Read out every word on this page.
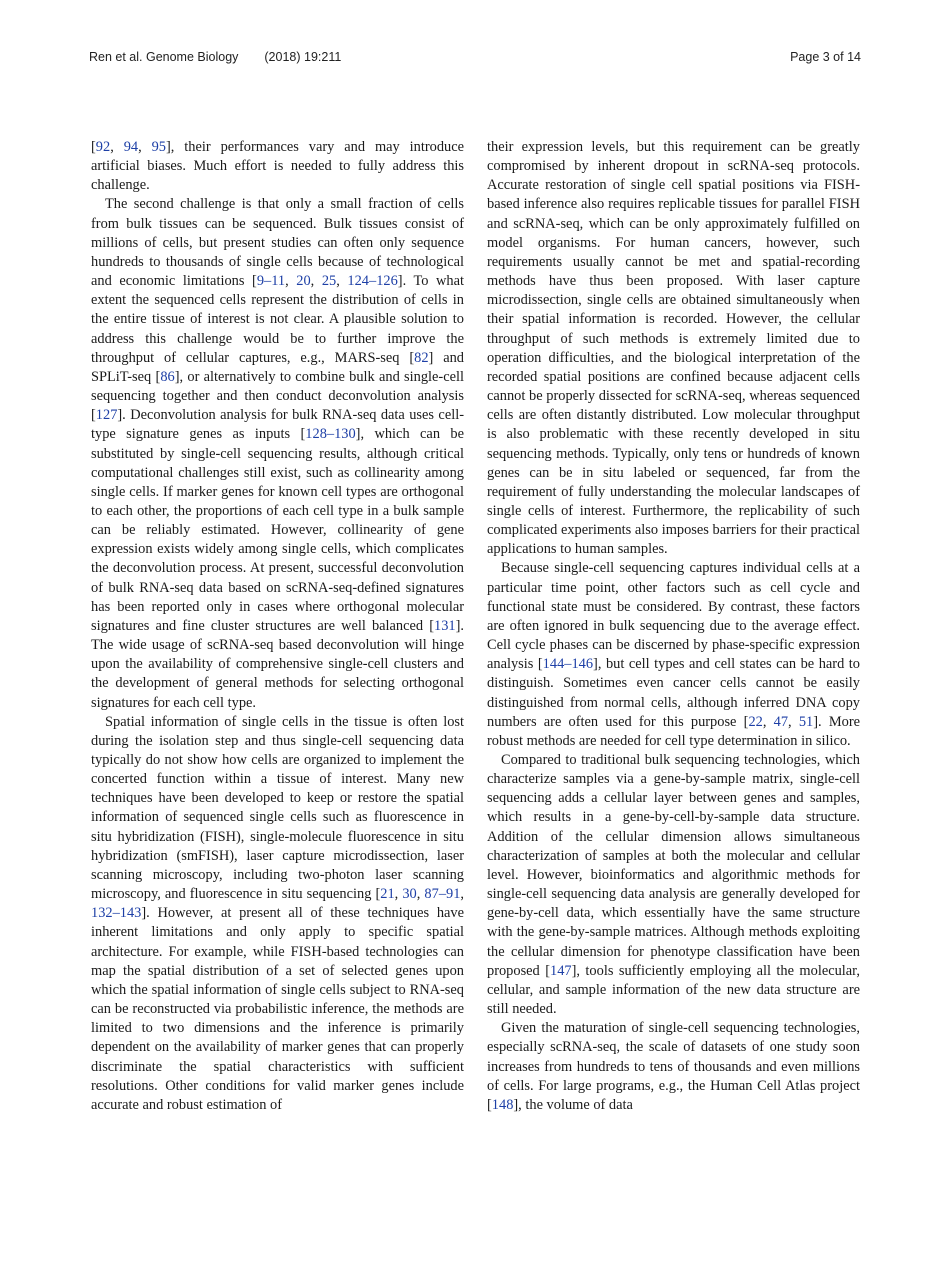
Ren et al. Genome Biology (2018) 19:211	Page 3 of 14

[92, 94, 95], their performances vary and may introduce artificial biases. Much effort is needed to fully address this challenge.

The second challenge is that only a small fraction of cells from bulk tissues can be sequenced. Bulk tissues consist of millions of cells, but present studies can often only sequence hundreds to thousands of single cells because of technological and economic limitations [9–11, 20, 25, 124–126]. To what extent the sequenced cells represent the distribution of cells in the entire tissue of interest is not clear. A plausible solution to address this challenge would be to further improve the throughput of cellular captures, e.g., MARS-seq [82] and SPLiT-seq [86], or alternatively to combine bulk and single-cell sequencing together and then conduct deconvolution analysis [127]. Deconvolution analysis for bulk RNA-seq data uses cell-type signature genes as inputs [128–130], which can be substituted by single-cell sequencing results, although critical computational challenges still exist, such as collinearity among single cells. If marker genes for known cell types are orthogonal to each other, the proportions of each cell type in a bulk sample can be reliably estimated. However, collinearity of gene expression exists widely among single cells, which complicates the deconvolution process. At present, successful deconvolution of bulk RNA-seq data based on scRNA-seq-defined signatures has been reported only in cases where orthogonal molecular signatures and fine cluster structures are well balanced [131]. The wide usage of scRNA-seq based deconvolution will hinge upon the availability of comprehensive single-cell clusters and the development of general methods for selecting orthogonal signatures for each cell type.

Spatial information of single cells in the tissue is often lost during the isolation step and thus single-cell sequencing data typically do not show how cells are organized to implement the concerted function within a tissue of interest. Many new techniques have been developed to keep or restore the spatial information of sequenced single cells such as fluorescence in situ hybridization (FISH), single-molecule fluorescence in situ hybridization (smFISH), laser capture microdissection, laser scanning microscopy, including two-photon laser scanning microscopy, and fluorescence in situ sequencing [21, 30, 87–91, 132–143]. However, at present all of these techniques have inherent limitations and only apply to specific spatial architecture. For example, while FISH-based technologies can map the spatial distribution of a set of selected genes upon which the spatial information of single cells subject to RNA-seq can be reconstructed via probabilistic inference, the methods are limited to two dimensions and the inference is primarily dependent on the availability of marker genes that can properly discriminate the spatial characteristics with sufficient resolutions. Other conditions for valid marker genes include accurate and robust estimation of

their expression levels, but this requirement can be greatly compromised by inherent dropout in scRNA-seq protocols. Accurate restoration of single cell spatial positions via FISH-based inference also requires replicable tissues for parallel FISH and scRNA-seq, which can be only approximately fulfilled on model organisms. For human cancers, however, such requirements usually cannot be met and spatial-recording methods have thus been proposed. With laser capture microdissection, single cells are obtained simultaneously when their spatial information is recorded. However, the cellular throughput of such methods is extremely limited due to operation difficulties, and the biological interpretation of the recorded spatial positions are confined because adjacent cells cannot be properly dissected for scRNA-seq, whereas sequenced cells are often distantly distributed. Low molecular throughput is also problematic with these recently developed in situ sequencing methods. Typically, only tens or hundreds of known genes can be in situ labeled or sequenced, far from the requirement of fully understanding the molecular landscapes of single cells of interest. Furthermore, the replicability of such complicated experiments also imposes barriers for their practical applications to human samples.

Because single-cell sequencing captures individual cells at a particular time point, other factors such as cell cycle and functional state must be considered. By contrast, these factors are often ignored in bulk sequencing due to the average effect. Cell cycle phases can be discerned by phase-specific expression analysis [144–146], but cell types and cell states can be hard to distinguish. Sometimes even cancer cells cannot be easily distinguished from normal cells, although inferred DNA copy numbers are often used for this purpose [22, 47, 51]. More robust methods are needed for cell type determination in silico.

Compared to traditional bulk sequencing technologies, which characterize samples via a gene-by-sample matrix, single-cell sequencing adds a cellular layer between genes and samples, which results in a gene-by-cell-by-sample data structure. Addition of the cellular dimension allows simultaneous characterization of samples at both the molecular and cellular level. However, bioinformatics and algorithmic methods for single-cell sequencing data analysis are generally developed for gene-by-cell data, which essentially have the same structure with the gene-by-sample matrices. Although methods exploiting the cellular dimension for phenotype classification have been proposed [147], tools sufficiently employing all the molecular, cellular, and sample information of the new data structure are still needed.

Given the maturation of single-cell sequencing technologies, especially scRNA-seq, the scale of datasets of one study soon increases from hundreds to tens of thousands and even millions of cells. For large programs, e.g., the Human Cell Atlas project [148], the volume of data
